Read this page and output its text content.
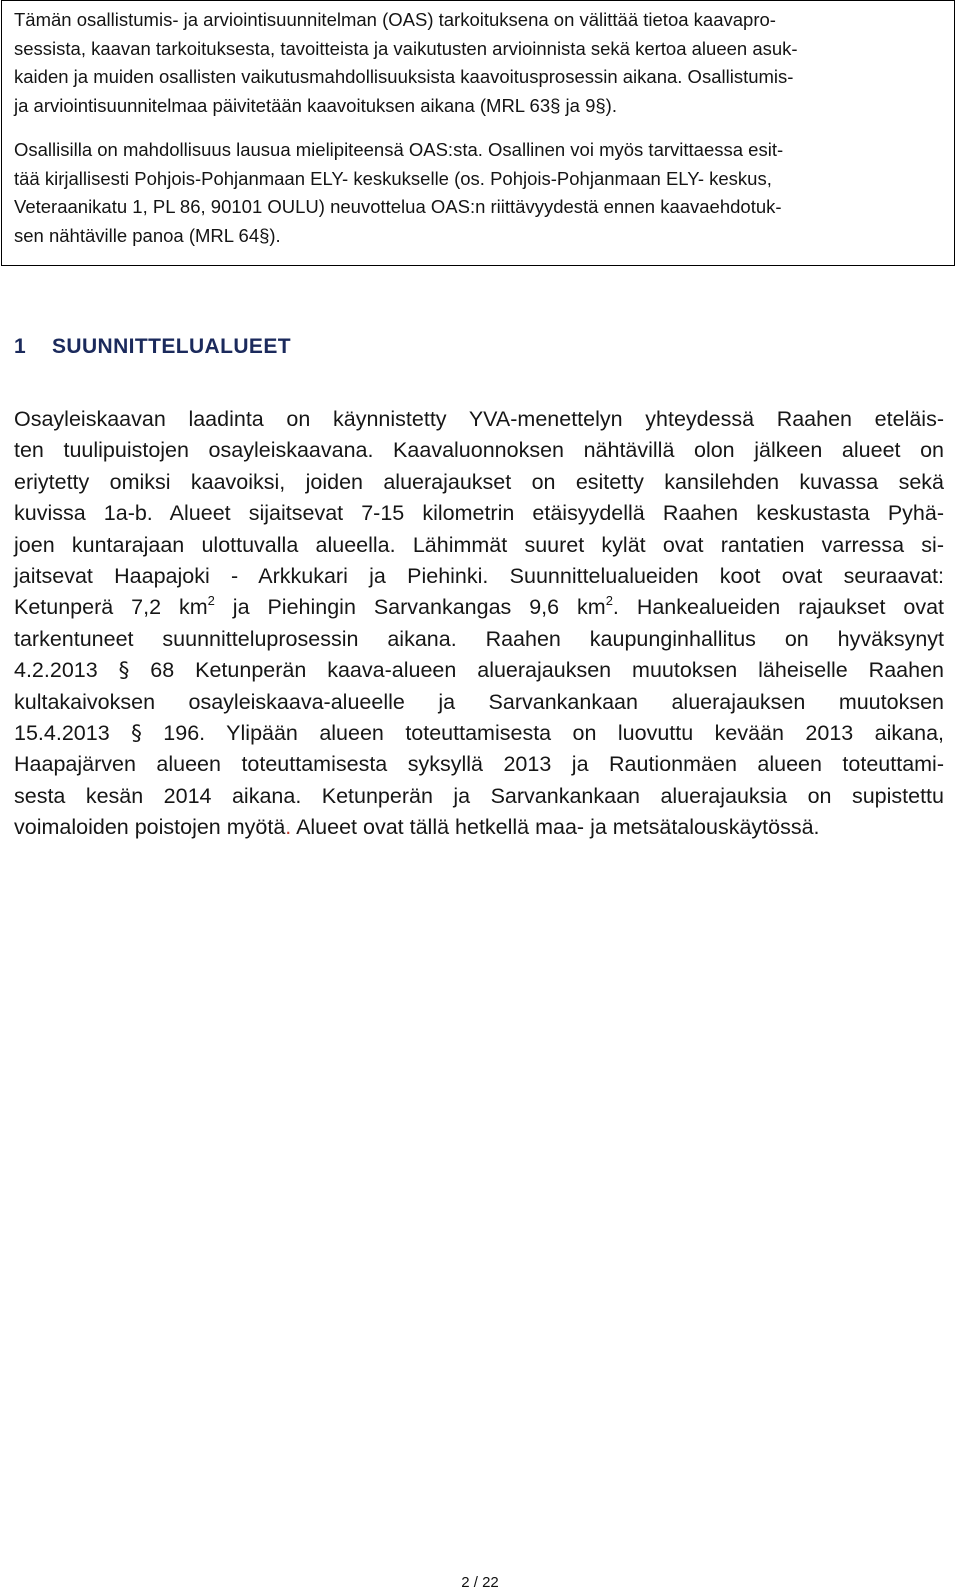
Tämän osallistumis- ja arviointisuunnitelman (OAS) tarkoituksena on välittää tietoa kaavapro-
sessista, kaavan tarkoituksesta, tavoitteista ja vaikutusten arvioinnista sekä kertoa alueen asuk-
kaiden ja muiden osallisten vaikutusmahdollisuuksista kaavoitusprosessin aikana. Osallistumis-
ja arviointisuunnitelmaa päivitetään kaavoituksen aikana (MRL 63§ ja 9§).

Osallisilla on mahdollisuus lausua mielipiteensä OAS:sta. Osallinen voi myös tarvittaessa esit-
tää kirjallisesti Pohjois-Pohjanmaan ELY- keskukselle (os. Pohjois-Pohjanmaan ELY- keskus,
Veteraanikatu 1, PL 86, 90101 OULU) neuvottelua OAS:n riittävyydestä ennen kaavaehdotuk-
sen nähtäville panoa (MRL 64§).

1 SUUNNITTELUALUEET
Osayleiskaavan laadinta on käynnistetty YVA-menettelyn yhteydessä Raahen eteläis-
ten tuulipuistojen osayleiskaavana. Kaavaluonnoksen nähtävillä olon jälkeen alueet on
eriytetty omiksi kaavoiksi, joiden aluerajaukset on esitetty kansilehden kuvassa sekä
kuvissa 1a-b. Alueet sijaitsevat 7-15 kilometrin etäisyydellä Raahen keskustasta Pyhä-
joen kuntarajaan ulottuvalla alueella. Lähimmät suuret kylät ovat rantatien varressa si-
jaitsevat Haapajoki - Arkkukari ja Piehinki. Suunnittelualueiden koot ovat seuraavat:
Ketunperä 7,2 $km^2$ ja Piehingin Sarvankangas 9,6 $km^2$. Hankealueiden rajaukset ovat
tarkentuneet suunnitteluprosessin aikana. Raahen kaupunginhallitus on hyväksynyt
4.2.2013 § 68 Ketunperän kaava-alueen aluerajauksen muutoksen läheiselle Raahen
kultakaivoksen osayleiskaava-alueelle ja Sarvankankaan aluerajauksen muutoksen
15.4.2013 § 196. Ylipään alueen toteuttamisesta on luovuttu kevään 2013 aikana,
Haapajärven alueen toteuttamisesta syksyllä 2013 ja Rautionmäen alueen toteuttami-
sesta kesän 2014 aikana. Ketunperän ja Sarvankankaan aluerajauksia on supistettu
voimaloiden poistojen myötä. Alueet ovat tällä hetkellä maa- ja metsätalouskäytössä.

2 / 22
